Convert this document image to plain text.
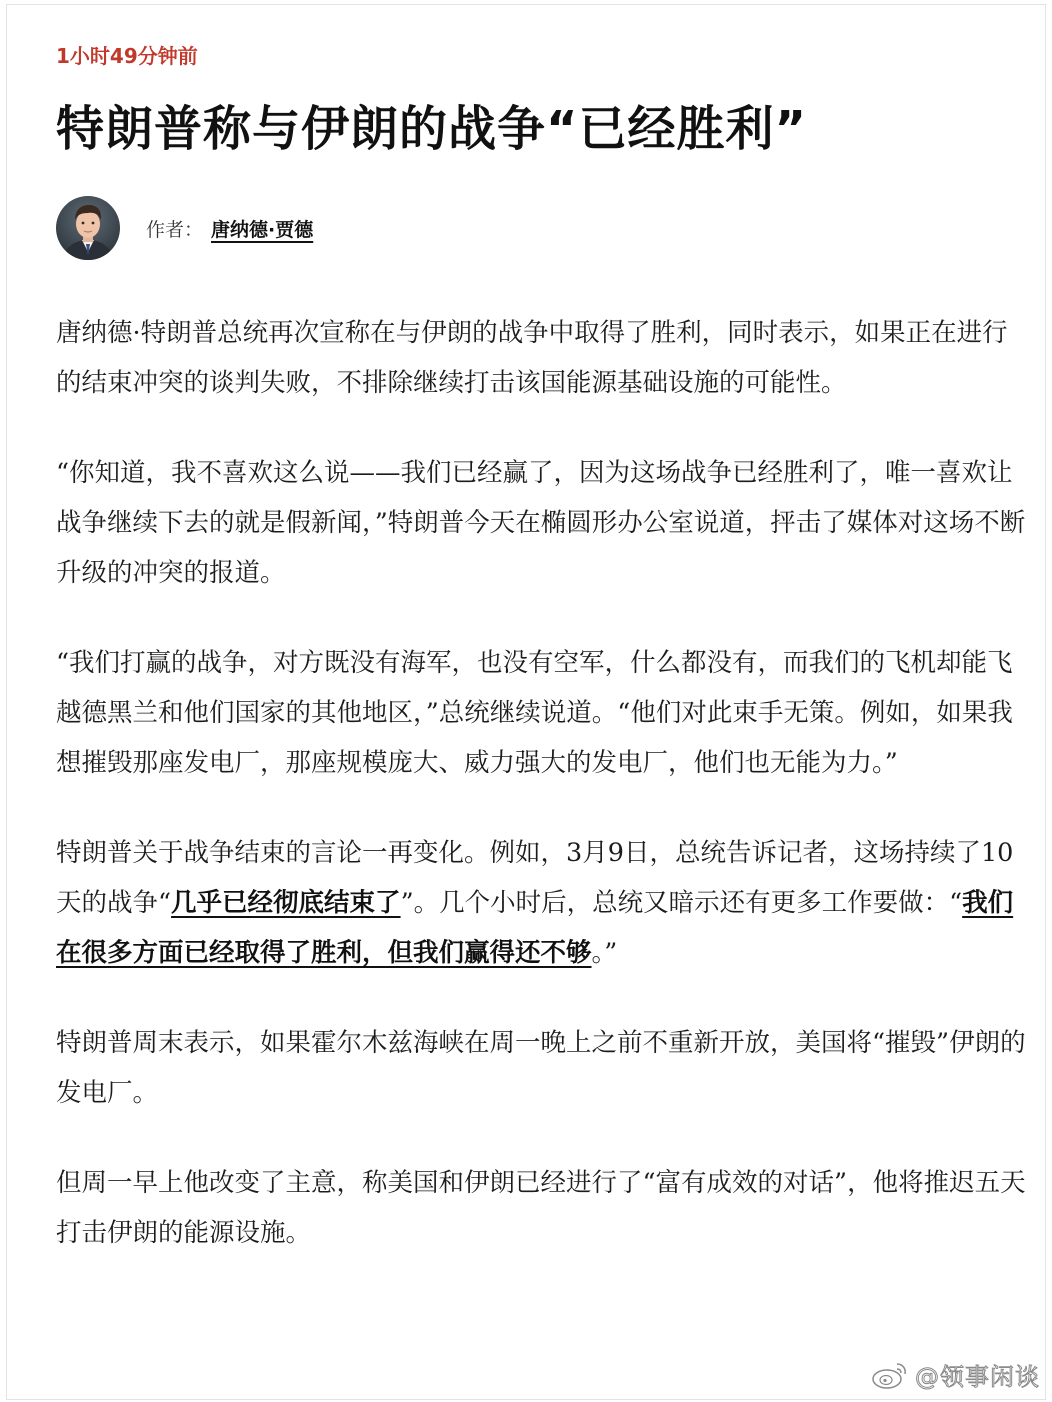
1小时49分钟前
特朗普称与伊朗的战争“已经胜利”
作者： 唐纳德·贾德

唐纳德·特朗普总统再次宣称在与伊朗的战争中取得了胜利，同时表示，如果正在进行的结束冲突的谈判失败，不排除继续打击该国能源基础设施的可能性。

“你知道，我不喜欢这么说——我们已经赢了，因为这场战争已经胜利了，唯一喜欢让战争继续下去的就是假新闻，”特朗普今天在椭圆形办公室说道，抨击了媒体对这场不断升级的冲突的报道。

“我们打赢的战争，对方既没有海军，也没有空军，什么都没有，而我们的飞机却能飞越德黑兰和他们国家的其他地区，”总统继续说道。“他们对此束手无策。例如，如果我想摧毁那座发电厂，那座规模庞大、威力强大的发电厂，他们也无能为力。”

特朗普关于战争结束的言论一再变化。例如，3月9日，总统告诉记者，这场持续了10天的战争“几乎已经彻底结束了”。几个小时后，总统又暗示还有更多工作要做：“我们在很多方面已经取得了胜利，但我们赢得还不够。”

特朗普周末表示，如果霍尔木兹海峡在周一晚上之前不重新开放，美国将“摧毁”伊朗的发电厂。

但周一早上他改变了主意，称美国和伊朗已经进行了“富有成效的对话”，他将推迟五天打击伊朗的能源设施。

@领事闲谈
